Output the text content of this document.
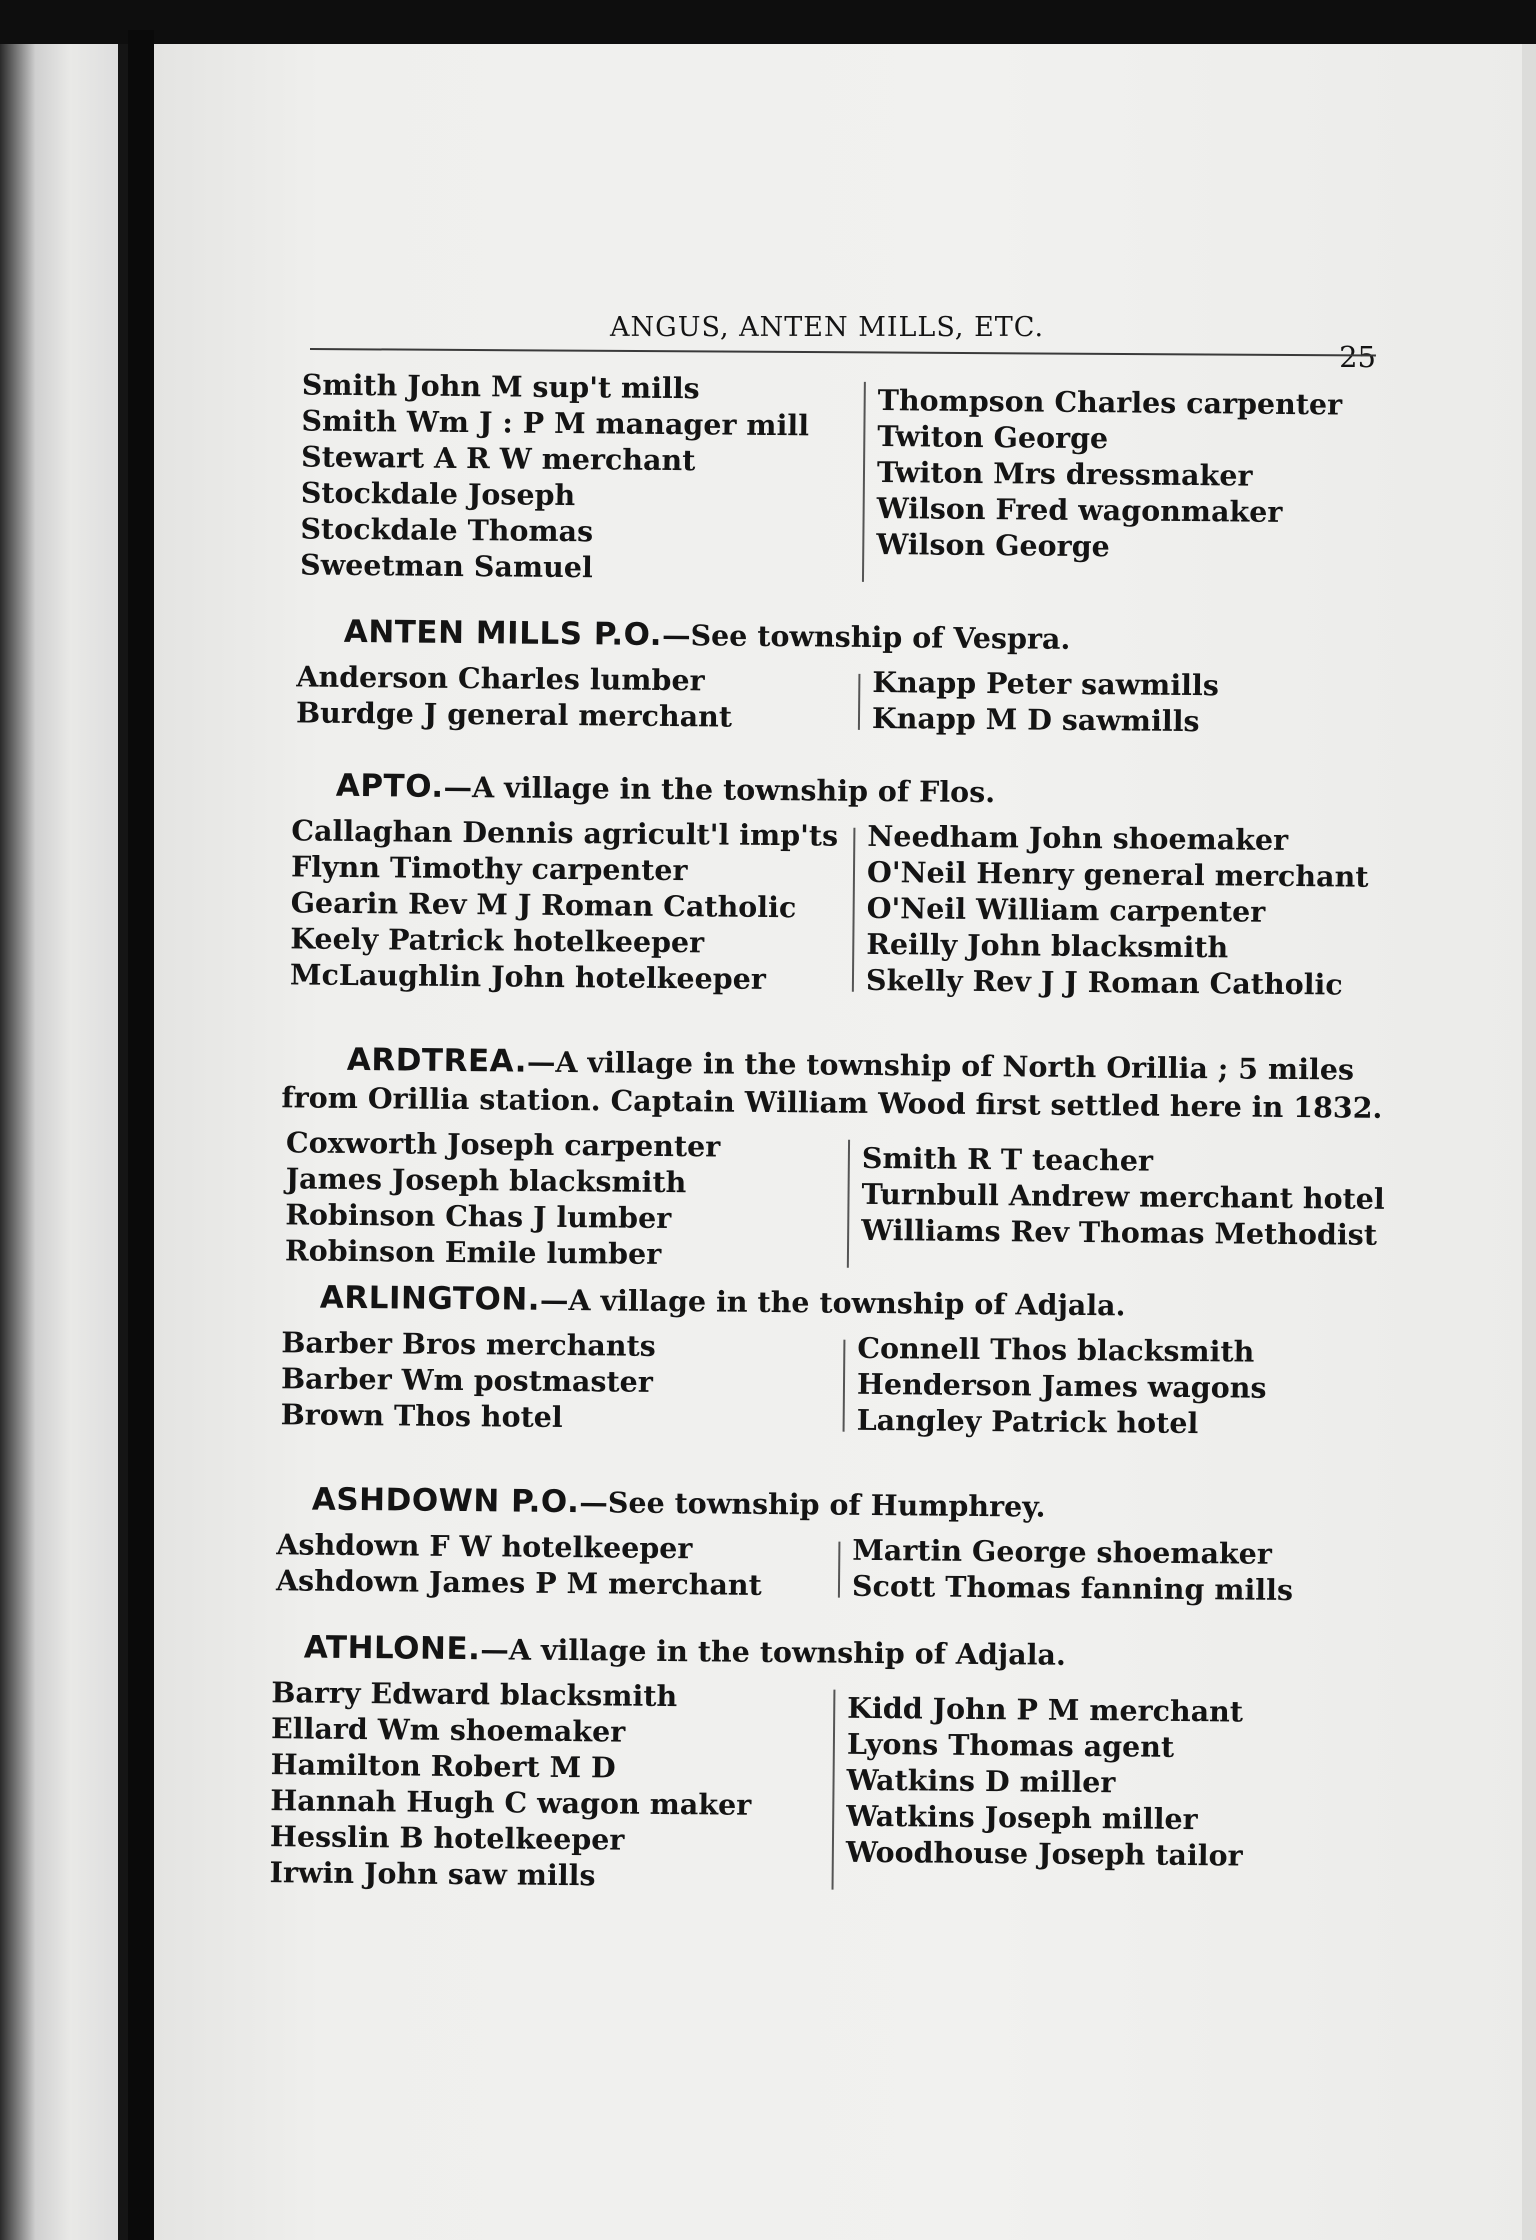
ANGUS, ANTEN MILLS, ETC.
25
Smith John M sup't mills
Smith Wm J : P M manager mill
Stewart A R W merchant
Stockdale Joseph
Stockdale Thomas
Sweetman Samuel
Thompson Charles carpenter
Twiton George
Twiton Mrs dressmaker
Wilson Fred wagonmaker
Wilson George

ANTEN MILLS P.O.—See township of Vespra.

Anderson Charles lumber
Burdge J general merchant
Knapp Peter sawmills
Knapp M D sawmills

APTO.—A village in the township of Flos.

Callaghan Dennis agricult'l imp'ts
Flynn Timothy carpenter
Gearin Rev M J Roman Catholic
Keely Patrick hotelkeeper
McLaughlin John hotelkeeper
Needham John shoemaker
O'Neil Henry general merchant
O'Neil William carpenter
Reilly John blacksmith
Skelly Rev J J Roman Catholic

ARDTREA.—A village in the township of North Orillia ; 5 miles

from Orillia station. Captain William Wood first settled here in 1832.

Coxworth Joseph carpenter
James Joseph blacksmith
Robinson Chas J lumber
Robinson Emile lumber
Smith R T teacher
Turnbull Andrew merchant hotel
Williams Rev Thomas Methodist

ARLINGTON.—A village in the township of Adjala.

Barber Bros merchants
Barber Wm postmaster
Brown Thos hotel
Connell Thos blacksmith
Henderson James wagons
Langley Patrick hotel

ASHDOWN P.O.—See township of Humphrey.

Ashdown F W hotelkeeper
Ashdown James P M merchant
Martin George shoemaker
Scott Thomas fanning mills

ATHLONE.—A village in the township of Adjala.

Barry Edward blacksmith
Ellard Wm shoemaker
Hamilton Robert M D
Hannah Hugh C wagon maker
Hesslin B hotelkeeper
Irwin John saw mills
Kidd John P M merchant
Lyons Thomas agent
Watkins D miller
Watkins Joseph miller
Woodhouse Joseph tailor
